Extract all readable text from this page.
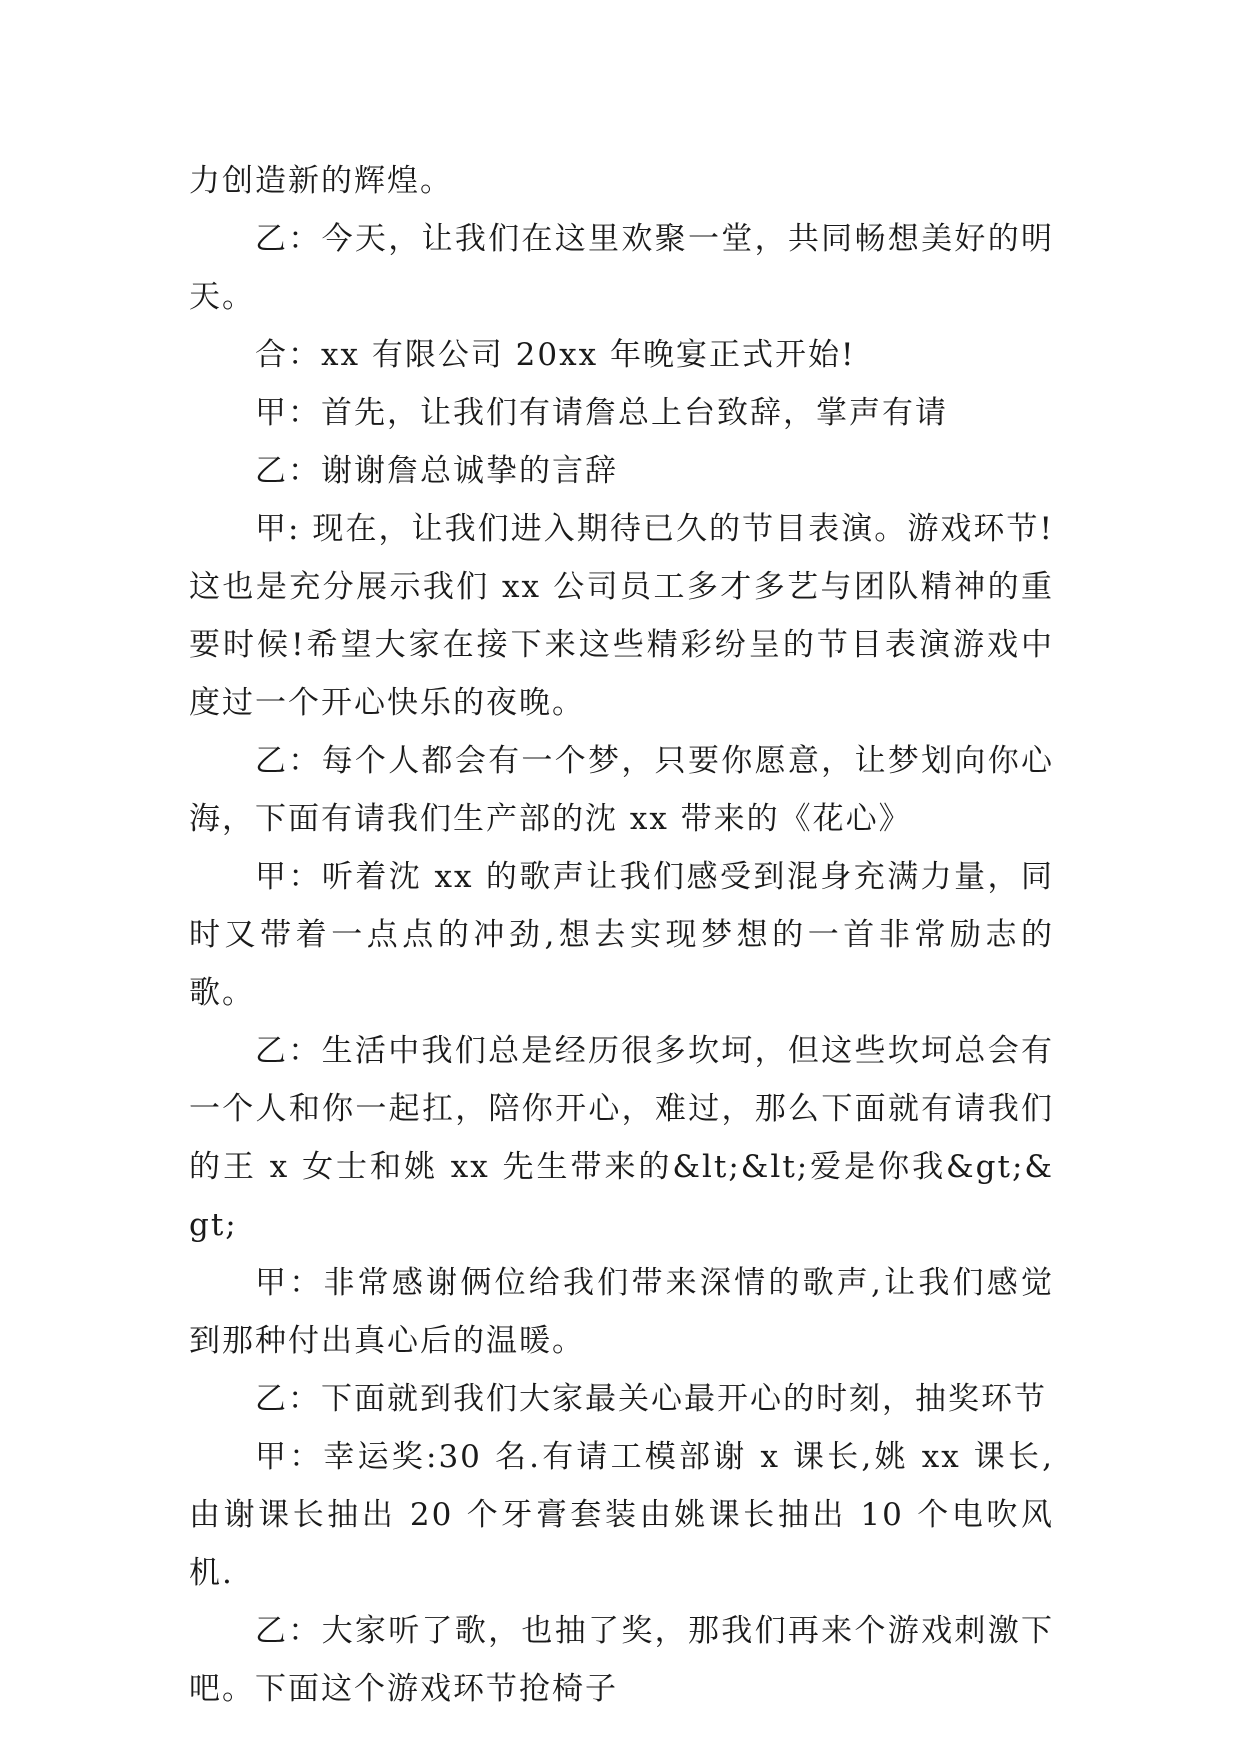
力创造新的辉煌。

乙：今天，让我们在这里欢聚一堂，共同畅想美好的明天。

合：xx 有限公司 20xx 年晚宴正式开始!

甲：首先，让我们有请詹总上台致辞，掌声有请

乙：谢谢詹总诚挚的言辞

甲: 现在，让我们进入期待已久的节目表演。游戏环节!这也是充分展示我们 xx 公司员工多才多艺与团队精神的重要时候!希望大家在接下来这些精彩纷呈的节目表演游戏中度过一个开心快乐的夜晚。

乙：每个人都会有一个梦，只要你愿意，让梦划向你心海，下面有请我们生产部的沈 xx 带来的《花心》

甲：听着沈 xx 的歌声让我们感受到混身充满力量，同时又带着一点点的冲劲,想去实现梦想的一首非常励志的歌。

乙：生活中我们总是经历很多坎坷，但这些坎坷总会有一个人和你一起扛，陪你开心，难过，那么下面就有请我们的王 x 女士和姚 xx 先生带来的&lt;&lt;爱是你我&gt;&gt;

甲：非常感谢俩位给我们带来深情的歌声,让我们感觉到那种付出真心后的温暖。

乙：下面就到我们大家最关心最开心的时刻，抽奖环节

甲：幸运奖:30 名.有请工模部谢 x 课长,姚 xx 课长,由谢课长抽出 20 个牙膏套装由姚课长抽出 10 个电吹风机.

乙：大家听了歌，也抽了奖，那我们再来个游戏刺激下吧。下面这个游戏环节抢椅子
